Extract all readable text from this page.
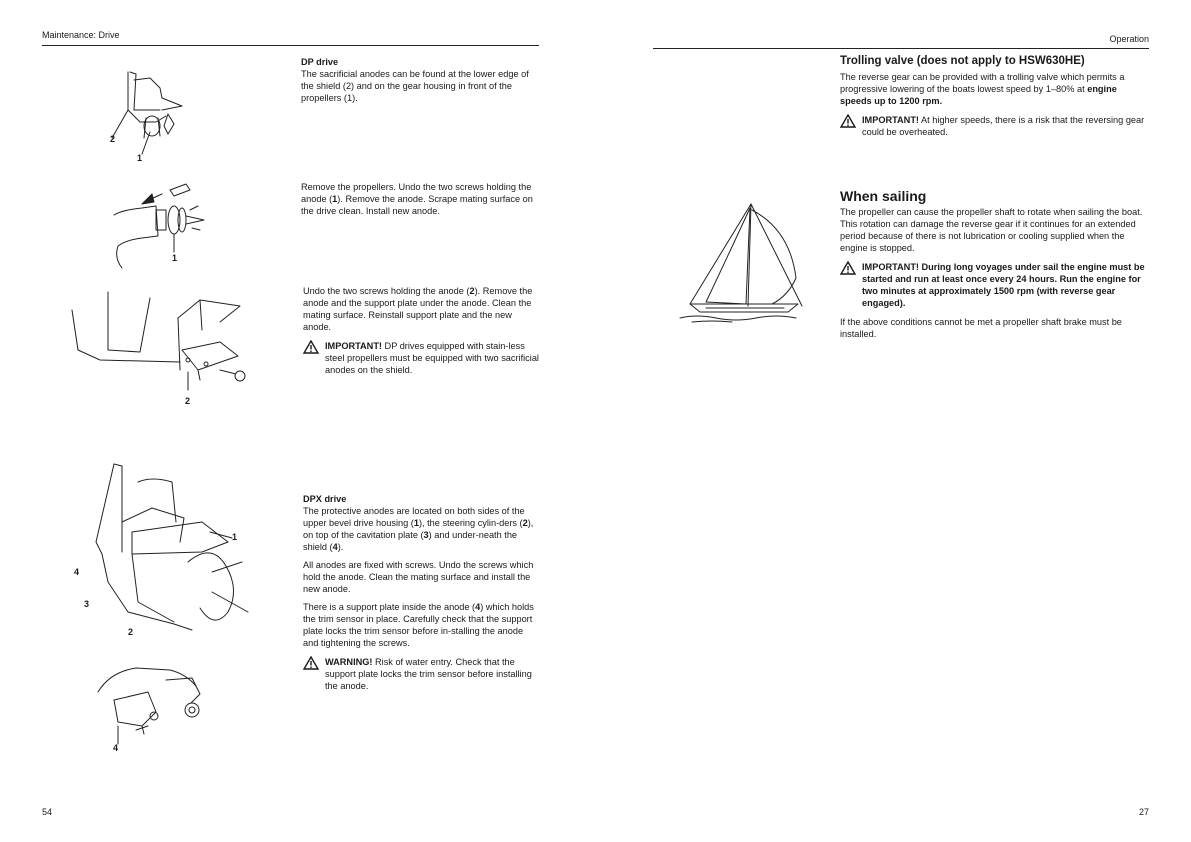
Maintenance: Drive
2
1
1
2
1
4
3
2
4
DP drive

The sacrificial anodes can be found at the lower edge of the shield (2) and on the gear housing in front of the propellers (1).

Remove the propellers. Undo the two screws holding the anode (1). Remove the anode. Scrape mating surface on the drive clean. Install new anode.

Undo the two screws holding the anode (2). Remove the anode and the support plate under the anode. Clean the mating surface. Reinstall support plate and the new anode.

IMPORTANT! DP drives equipped with stain-less steel propellers must be equipped with two sacrificial anodes on the shield.

DPX drive

The protective anodes are located on both sides of the upper bevel drive housing (1), the steering cylin-ders (2), on top of the cavitation plate (3) and under-neath the shield (4).

All anodes are fixed with screws. Undo the screws which hold the anode. Clean the mating surface and install the new anode.

There is a support plate inside the anode (4) which holds the trim sensor in place. Carefully check that the support plate locks the trim sensor before in-stalling the anode and tightening the screws.

WARNING! Risk of water entry. Check that the support plate locks the trim sensor before installing the anode.

54
Operation
Trolling valve (does not apply to HSW630HE)

The reverse gear can be provided with a trolling valve which permits a progressive lowering of the boats lowest speed by 1–80% at engine speeds up to 1200 rpm.

IMPORTANT! At higher speeds, there is a risk that the reversing gear could be overheated.

When sailing

The propeller can cause the propeller shaft to rotate when sailing the boat. This rotation can damage the reverse gear if it continues for an extended period because of there is not lubrication or cooling supplied when the engine is stopped.

IMPORTANT! During long voyages under sail the engine must be started and run at least once every 24 hours. Run the engine for two minutes at approximately 1500 rpm (with reverse gear engaged).

If the above conditions cannot be met a propeller shaft brake must be installed.

27
